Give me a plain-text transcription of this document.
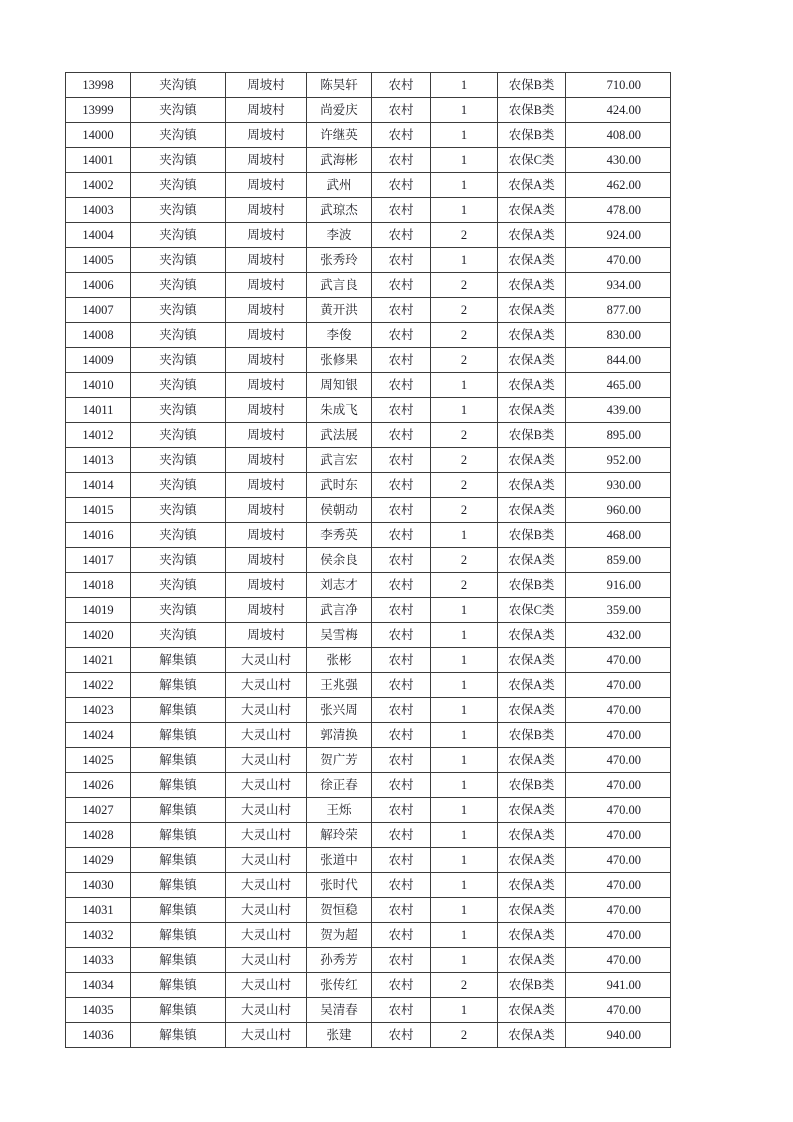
13998	夹沟镇	周坡村	陈昊轩	农村	1	农保B类	710.00
13999	夹沟镇	周坡村	尚爱庆	农村	1	农保B类	424.00
14000	夹沟镇	周坡村	许继英	农村	1	农保B类	408.00
14001	夹沟镇	周坡村	武海彬	农村	1	农保C类	430.00
14002	夹沟镇	周坡村	武州	农村	1	农保A类	462.00
14003	夹沟镇	周坡村	武琼杰	农村	1	农保A类	478.00
14004	夹沟镇	周坡村	李波	农村	2	农保A类	924.00
14005	夹沟镇	周坡村	张秀玲	农村	1	农保A类	470.00
14006	夹沟镇	周坡村	武言良	农村	2	农保A类	934.00
14007	夹沟镇	周坡村	黄开洪	农村	2	农保A类	877.00
14008	夹沟镇	周坡村	李俊	农村	2	农保A类	830.00
14009	夹沟镇	周坡村	张修果	农村	2	农保A类	844.00
14010	夹沟镇	周坡村	周知银	农村	1	农保A类	465.00
14011	夹沟镇	周坡村	朱成飞	农村	1	农保A类	439.00
14012	夹沟镇	周坡村	武法展	农村	2	农保B类	895.00
14013	夹沟镇	周坡村	武言宏	农村	2	农保A类	952.00
14014	夹沟镇	周坡村	武时东	农村	2	农保A类	930.00
14015	夹沟镇	周坡村	侯朝动	农村	2	农保A类	960.00
14016	夹沟镇	周坡村	李秀英	农村	1	农保B类	468.00
14017	夹沟镇	周坡村	侯余良	农村	2	农保A类	859.00
14018	夹沟镇	周坡村	刘志才	农村	2	农保B类	916.00
14019	夹沟镇	周坡村	武言净	农村	1	农保C类	359.00
14020	夹沟镇	周坡村	吴雪梅	农村	1	农保A类	432.00
14021	解集镇	大灵山村	张彬	农村	1	农保A类	470.00
14022	解集镇	大灵山村	王兆强	农村	1	农保A类	470.00
14023	解集镇	大灵山村	张兴周	农村	1	农保A类	470.00
14024	解集镇	大灵山村	郭清换	农村	1	农保B类	470.00
14025	解集镇	大灵山村	贺广芳	农村	1	农保A类	470.00
14026	解集镇	大灵山村	徐正春	农村	1	农保B类	470.00
14027	解集镇	大灵山村	王烁	农村	1	农保A类	470.00
14028	解集镇	大灵山村	解玲荣	农村	1	农保A类	470.00
14029	解集镇	大灵山村	张道中	农村	1	农保A类	470.00
14030	解集镇	大灵山村	张时代	农村	1	农保A类	470.00
14031	解集镇	大灵山村	贺恒稳	农村	1	农保A类	470.00
14032	解集镇	大灵山村	贺为超	农村	1	农保A类	470.00
14033	解集镇	大灵山村	孙秀芳	农村	1	农保A类	470.00
14034	解集镇	大灵山村	张传红	农村	2	农保B类	941.00
14035	解集镇	大灵山村	吴清春	农村	1	农保A类	470.00
14036	解集镇	大灵山村	张建	农村	2	农保A类	940.00
